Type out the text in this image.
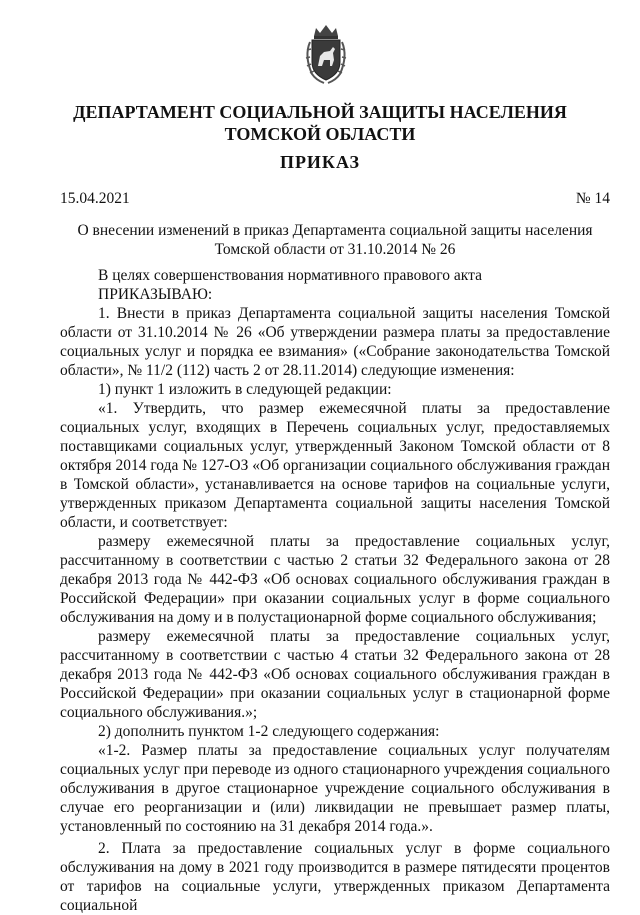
ДЕПАРТАМЕНТ СОЦИАЛЬНОЙ ЗАЩИТЫ НАСЕЛЕНИЯ
ТОМСКОЙ ОБЛАСТИ
ПРИКАЗ
15.04.2021	№ 14
О внесении изменений в приказ Департамента социальной защиты населения
Томской области от 31.10.2014 № 26

В целях совершенствования нормативного правового акта

ПРИКАЗЫВАЮ:

1. Внести в приказ Департамента социальной защиты населения Томской области от 31.10.2014 № 26 «Об утверждении размера платы за предоставление социальных услуг и порядка ее взимания» («Собрание законодательства Томской области», № 11/2 (112) часть 2 от 28.11.2014) следующие изменения:

1) пункт 1 изложить в следующей редакции:

«1. Утвердить, что размер ежемесячной платы за предоставление социальных услуг, входящих в Перечень социальных услуг, предоставляемых поставщиками социальных услуг, утвержденный Законом Томской области от 8 октября 2014 года № 127-ОЗ «Об организации социального обслуживания граждан в Томской области», устанавливается на основе тарифов на социальные услуги, утвержденных приказом Департамента социальной защиты населения Томской области, и соответствует:

размеру ежемесячной платы за предоставление социальных услуг, рассчитанному в соответствии с частью 2 статьи 32 Федерального закона от 28 декабря 2013 года № 442-ФЗ «Об основах социального обслуживания граждан в Российской Федерации» при оказании социальных услуг в форме социального обслуживания на дому и в полустационарной форме социального обслуживания;

размеру ежемесячной платы за предоставление социальных услуг, рассчитанному в соответствии с частью 4 статьи 32 Федерального закона от 28 декабря 2013 года № 442-ФЗ «Об основах социального обслуживания граждан в Российской Федерации» при оказании социальных услуг в стационарной форме социального обслуживания.»;

2) дополнить пунктом 1-2 следующего содержания:

«1-2. Размер платы за предоставление социальных услуг получателям социальных услуг при переводе из одного стационарного учреждения социального обслуживания в другое стационарное учреждение социального обслуживания в случае его реорганизации и (или) ликвидации не превышает размер платы, установленный по состоянию на 31 декабря 2014 года.».

2. Плата за предоставление социальных услуг в форме социального обслуживания на дому в 2021 году производится в размере пятидесяти процентов от тарифов на социальные услуги, утвержденных приказом Департамента социальной
